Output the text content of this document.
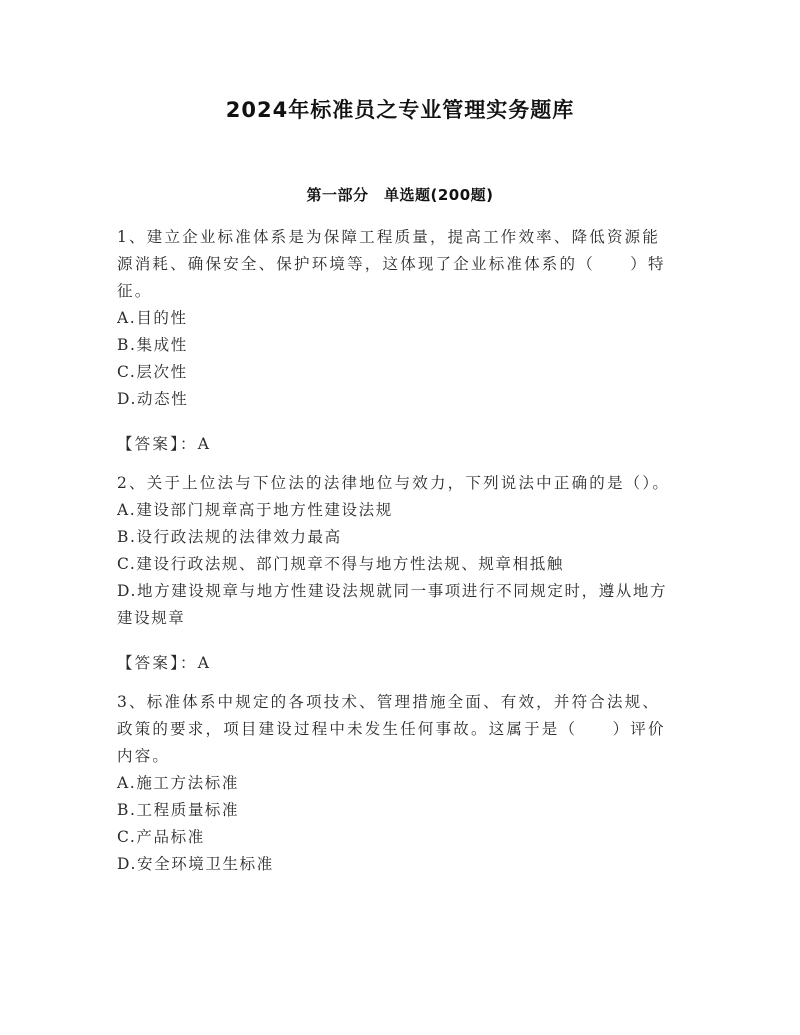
2024年标准员之专业管理实务题库
第一部分　单选题(200题)

1、建立企业标准体系是为保障工程质量，提高工作效率、降低资源能源消耗、确保安全、保护环境等，这体现了企业标准体系的（　　）特征。

A.目的性

B.集成性

C.层次性

D.动态性

【答案】：A

2、关于上位法与下位法的法律地位与效力，下列说法中正确的是（）。

A.建设部门规章高于地方性建设法规

B.设行政法规的法律效力最高

C.建设行政法规、部门规章不得与地方性法规、规章相抵触

D.地方建设规章与地方性建设法规就同一事项进行不同规定时，遵从地方建设规章

【答案】：A

3、标准体系中规定的各项技术、管理措施全面、有效，并符合法规、政策的要求，项目建设过程中未发生任何事故。这属于是（　　）评价内容。

A.施工方法标准

B.工程质量标准

C.产品标准

D.安全环境卫生标准
